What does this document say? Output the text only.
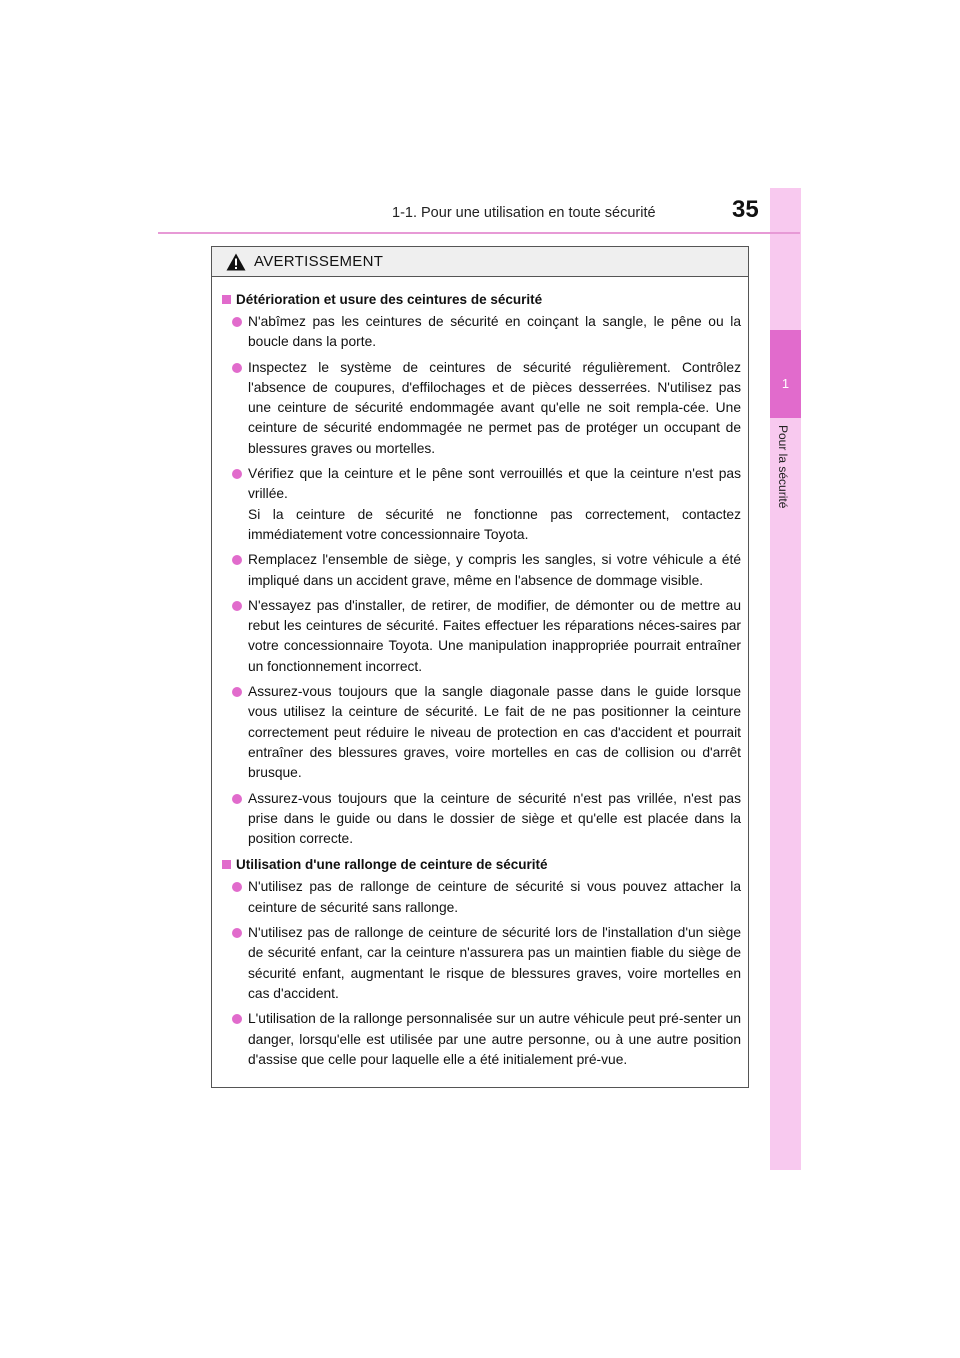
1
Pour la sécurité
1-1. Pour une utilisation en toute sécurité	35
AVERTISSEMENT
Détérioration et usure des ceintures de sécurité
N'abîmez pas les ceintures de sécurité en coinçant la sangle, le pêne ou la boucle dans la porte.
Inspectez le système de ceintures de sécurité régulièrement. Contrôlez l'absence de coupures, d'effilochages et de pièces desserrées. N'utilisez pas une ceinture de sécurité endommagée avant qu'elle ne soit rempla-cée. Une ceinture de sécurité endommagée ne permet pas de protéger un occupant de blessures graves ou mortelles.
Vérifiez que la ceinture et le pêne sont verrouillés et que la ceinture n'est pas vrillée.
Si la ceinture de sécurité ne fonctionne pas correctement, contactez immédiatement votre concessionnaire Toyota.
Remplacez l'ensemble de siège, y compris les sangles, si votre véhicule a été impliqué dans un accident grave, même en l'absence de dommage visible.
N'essayez pas d'installer, de retirer, de modifier, de démonter ou de mettre au rebut les ceintures de sécurité. Faites effectuer les réparations néces-saires par votre concessionnaire Toyota. Une manipulation inappropriée pourrait entraîner un fonctionnement incorrect.
Assurez-vous toujours que la sangle diagonale passe dans le guide lorsque vous utilisez la ceinture de sécurité. Le fait de ne pas positionner la ceinture correctement peut réduire le niveau de protection en cas d'accident et pourrait entraîner des blessures graves, voire mortelles en cas de collision ou d'arrêt brusque.
Assurez-vous toujours que la ceinture de sécurité n'est pas vrillée, n'est pas prise dans le guide ou dans le dossier de siège et qu'elle est placée dans la position correcte.
Utilisation d'une rallonge de ceinture de sécurité
N'utilisez pas de rallonge de ceinture de sécurité si vous pouvez attacher la ceinture de sécurité sans rallonge.
N'utilisez pas de rallonge de ceinture de sécurité lors de l'installation d'un siège de sécurité enfant, car la ceinture n'assurera pas un maintien fiable du siège de sécurité enfant, augmentant le risque de blessures graves, voire mortelles en cas d'accident.
L'utilisation de la rallonge personnalisée sur un autre véhicule peut pré-senter un danger, lorsqu'elle est utilisée par une autre personne, ou à une autre position d'assise que celle pour laquelle elle a été initialement pré-vue.
